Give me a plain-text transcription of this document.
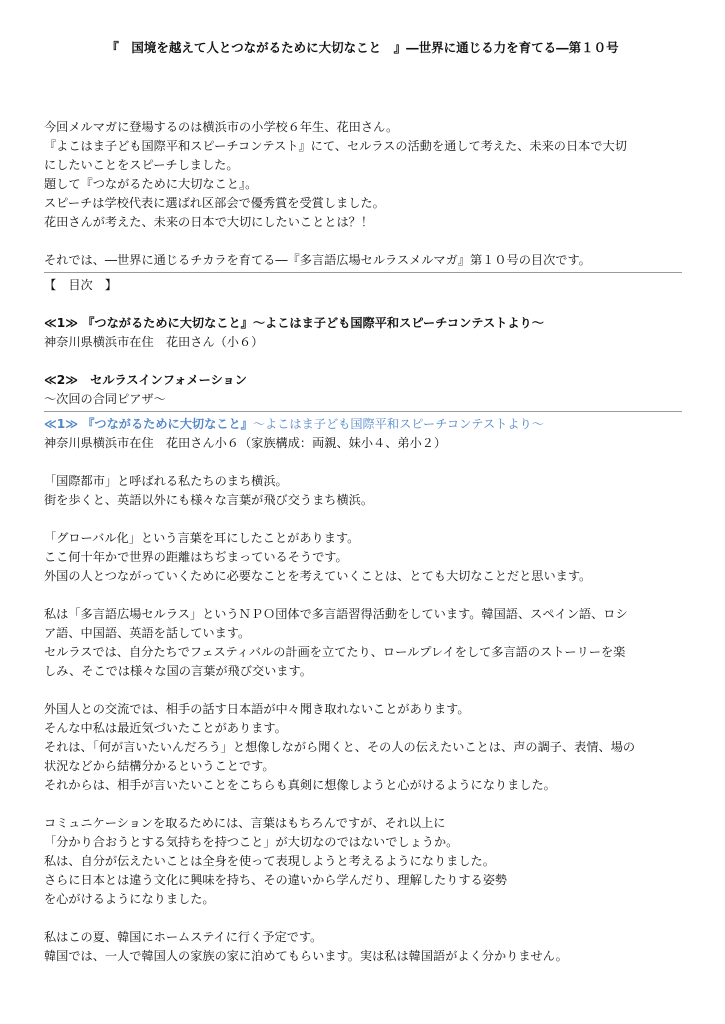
『　国境を越えて人とつながるために大切なこと　』―世界に通じる力を育てる―第１０号
今回メルマガに登場するのは横浜市の小学校６年生、花田さん。
『よこはま子ども国際平和スピーチコンテスト』にて、セルラスの活動を通して考えた、未来の日本で大切
にしたいことをスピーチしました。
題して『つながるために大切なこと』。
スピーチは学校代表に選ばれ区部会で優秀賞を受賞しました。
花田さんが考えた、未来の日本で大切にしたいこととは？！
それでは、―世界に通じるチカラを育てる―『多言語広場セルラスメルマガ』第１０号の目次です。
【　目次　】
≪1≫ 『つながるために大切なこと』～よこはま子ども国際平和スピーチコンテストより～
神奈川県横浜市在住　花田さん（小６）
≪2≫　セルラスインフォメーション
～次回の合同ピアザ～
≪1≫ 『つながるために大切なこと』～よこはま子ども国際平和スピーチコンテストより～
神奈川県横浜市在住　花田さん小６（家族構成：両親、妹小４、弟小２）
「国際都市」と呼ばれる私たちのまち横浜。
街を歩くと、英語以外にも様々な言葉が飛び交うまち横浜。
「グローバル化」という言葉を耳にしたことがあります。
ここ何十年かで世界の距離はちぢまっているそうです。
外国の人とつながっていくために必要なことを考えていくことは、とても大切なことだと思います。
私は「多言語広場セルラス」というＮＰＯ団体で多言語習得活動をしています。韓国語、スペイン語、ロシ
ア語、中国語、英語を話しています。
セルラスでは、自分たちでフェスティバルの計画を立てたり、ロールプレイをして多言語のストーリーを楽
しみ、そこでは様々な国の言葉が飛び交います。
外国人との交流では、相手の話す日本語が中々聞き取れないことがあります。
そんな中私は最近気づいたことがあります。
それは、「何が言いたいんだろう」と想像しながら聞くと、その人の伝えたいことは、声の調子、表情、場の
状況などから結構分かるということです。
それからは、相手が言いたいことをこちらも真剣に想像しようと心がけるようになりました。
コミュニケーションを取るためには、言葉はもちろんですが、それ以上に
「分かり合おうとする気持ちを持つこと」が大切なのではないでしょうか。
私は、自分が伝えたいことは全身を使って表現しようと考えるようになりました。
さらに日本とは違う文化に興味を持ち、その違いから学んだり、理解したりする姿勢
を心がけるようになりました。
私はこの夏、韓国にホームステイに行く予定です。
韓国では、一人で韓国人の家族の家に泊めてもらいます。実は私は韓国語がよく分かりません。
